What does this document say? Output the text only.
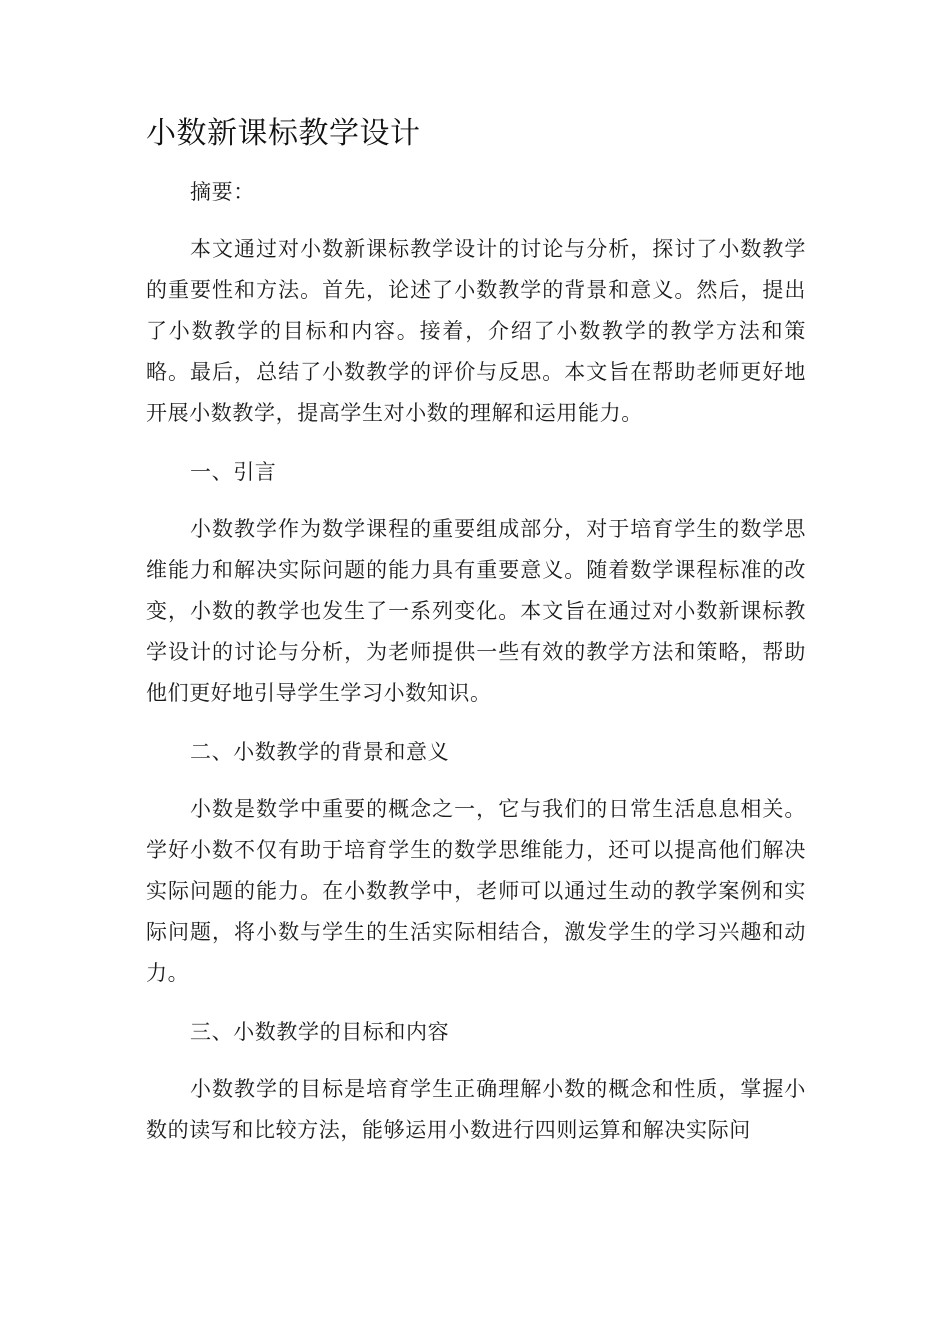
小数新课标教学设计

摘要：

本文通过对小数新课标教学设计的讨论与分析，探讨了小数教学的重要性和方法。首先，论述了小数教学的背景和意义。然后，提出了小数教学的目标和内容。接着，介绍了小数教学的教学方法和策略。最后，总结了小数教学的评价与反思。本文旨在帮助老师更好地开展小数教学，提高学生对小数的理解和运用能力。

一、引言

小数教学作为数学课程的重要组成部分，对于培育学生的数学思维能力和解决实际问题的能力具有重要意义。随着数学课程标准的改变，小数的教学也发生了一系列变化。本文旨在通过对小数新课标教学设计的讨论与分析，为老师提供一些有效的教学方法和策略，帮助他们更好地引导学生学习小数知识。

二、小数教学的背景和意义

小数是数学中重要的概念之一，它与我们的日常生活息息相关。学好小数不仅有助于培育学生的数学思维能力，还可以提高他们解决实际问题的能力。在小数教学中，老师可以通过生动的教学案例和实际问题，将小数与学生的生活实际相结合，激发学生的学习兴趣和动力。

三、小数教学的目标和内容

小数教学的目标是培育学生正确理解小数的概念和性质，掌握小数的读写和比较方法，能够运用小数进行四则运算和解决实际问
